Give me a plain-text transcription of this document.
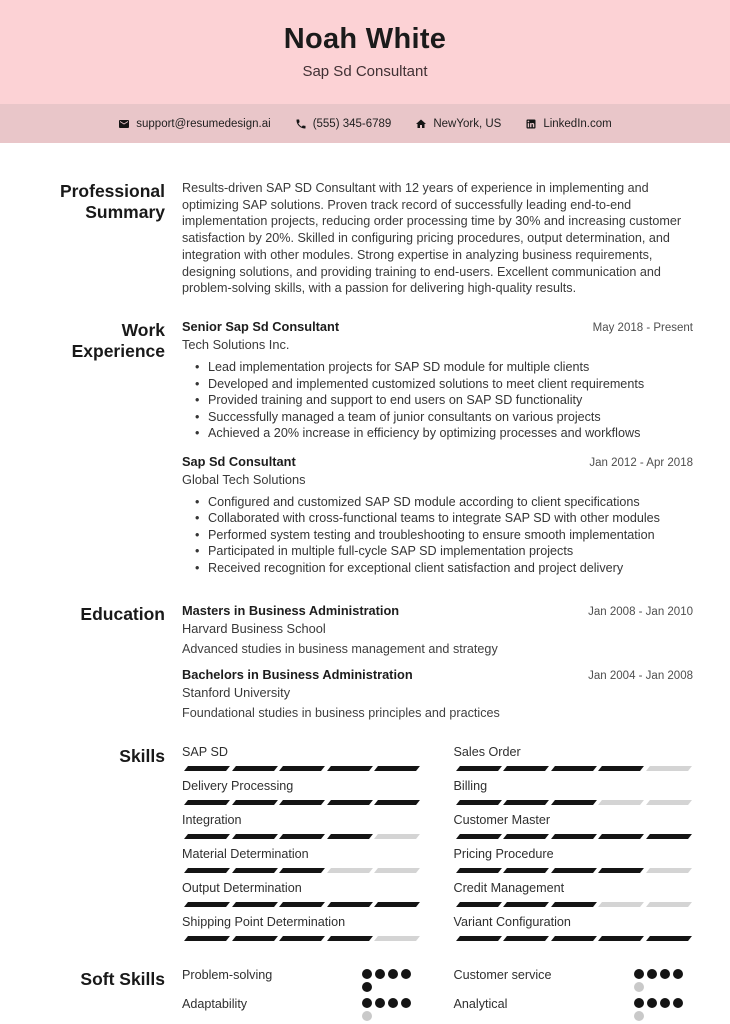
Noah White
Sap Sd Consultant
support@resumedesign.ai	(555) 345-6789	NewYork, US	LinkedIn.com
Professional Summary
Results-driven SAP SD Consultant with 12 years of experience in implementing and optimizing SAP solutions. Proven track record of successfully leading end-to-end implementation projects, reducing order processing time by 30% and increasing customer satisfaction by 20%. Skilled in configuring pricing procedures, output determination, and integration with other modules. Strong expertise in analyzing business requirements, designing solutions, and providing training to end-users. Excellent communication and problem-solving skills, with a passion for delivering high-quality results.
Work Experience
Senior Sap Sd Consultant	May 2018 - Present
Tech Solutions Inc.
• Lead implementation projects for SAP SD module for multiple clients
• Developed and implemented customized solutions to meet client requirements
• Provided training and support to end users on SAP SD functionality
• Successfully managed a team of junior consultants on various projects
• Achieved a 20% increase in efficiency by optimizing processes and workflows
Sap Sd Consultant	Jan 2012 - Apr 2018
Global Tech Solutions
• Configured and customized SAP SD module according to client specifications
• Collaborated with cross-functional teams to integrate SAP SD with other modules
• Performed system testing and troubleshooting to ensure smooth implementation
• Participated in multiple full-cycle SAP SD implementation projects
• Received recognition for exceptional client satisfaction and project delivery
Education Masters in Business Administration	Jan 2008 - Jan 2010
Harvard Business School
Advanced studies in business management and strategy
Bachelors in Business Administration	Jan 2004 - Jan 2008
Stanford University
Foundational studies in business principles and practices
Skills SAP SD	Sales Order
Delivery Processing	Billing
Integration	Customer Master
Material Determination	Pricing Procedure
Output Determination	Credit Management
Shipping Point Determination	Variant Configuration
Soft Skills Problem-solving	Customer service
Adaptability	Analytical
